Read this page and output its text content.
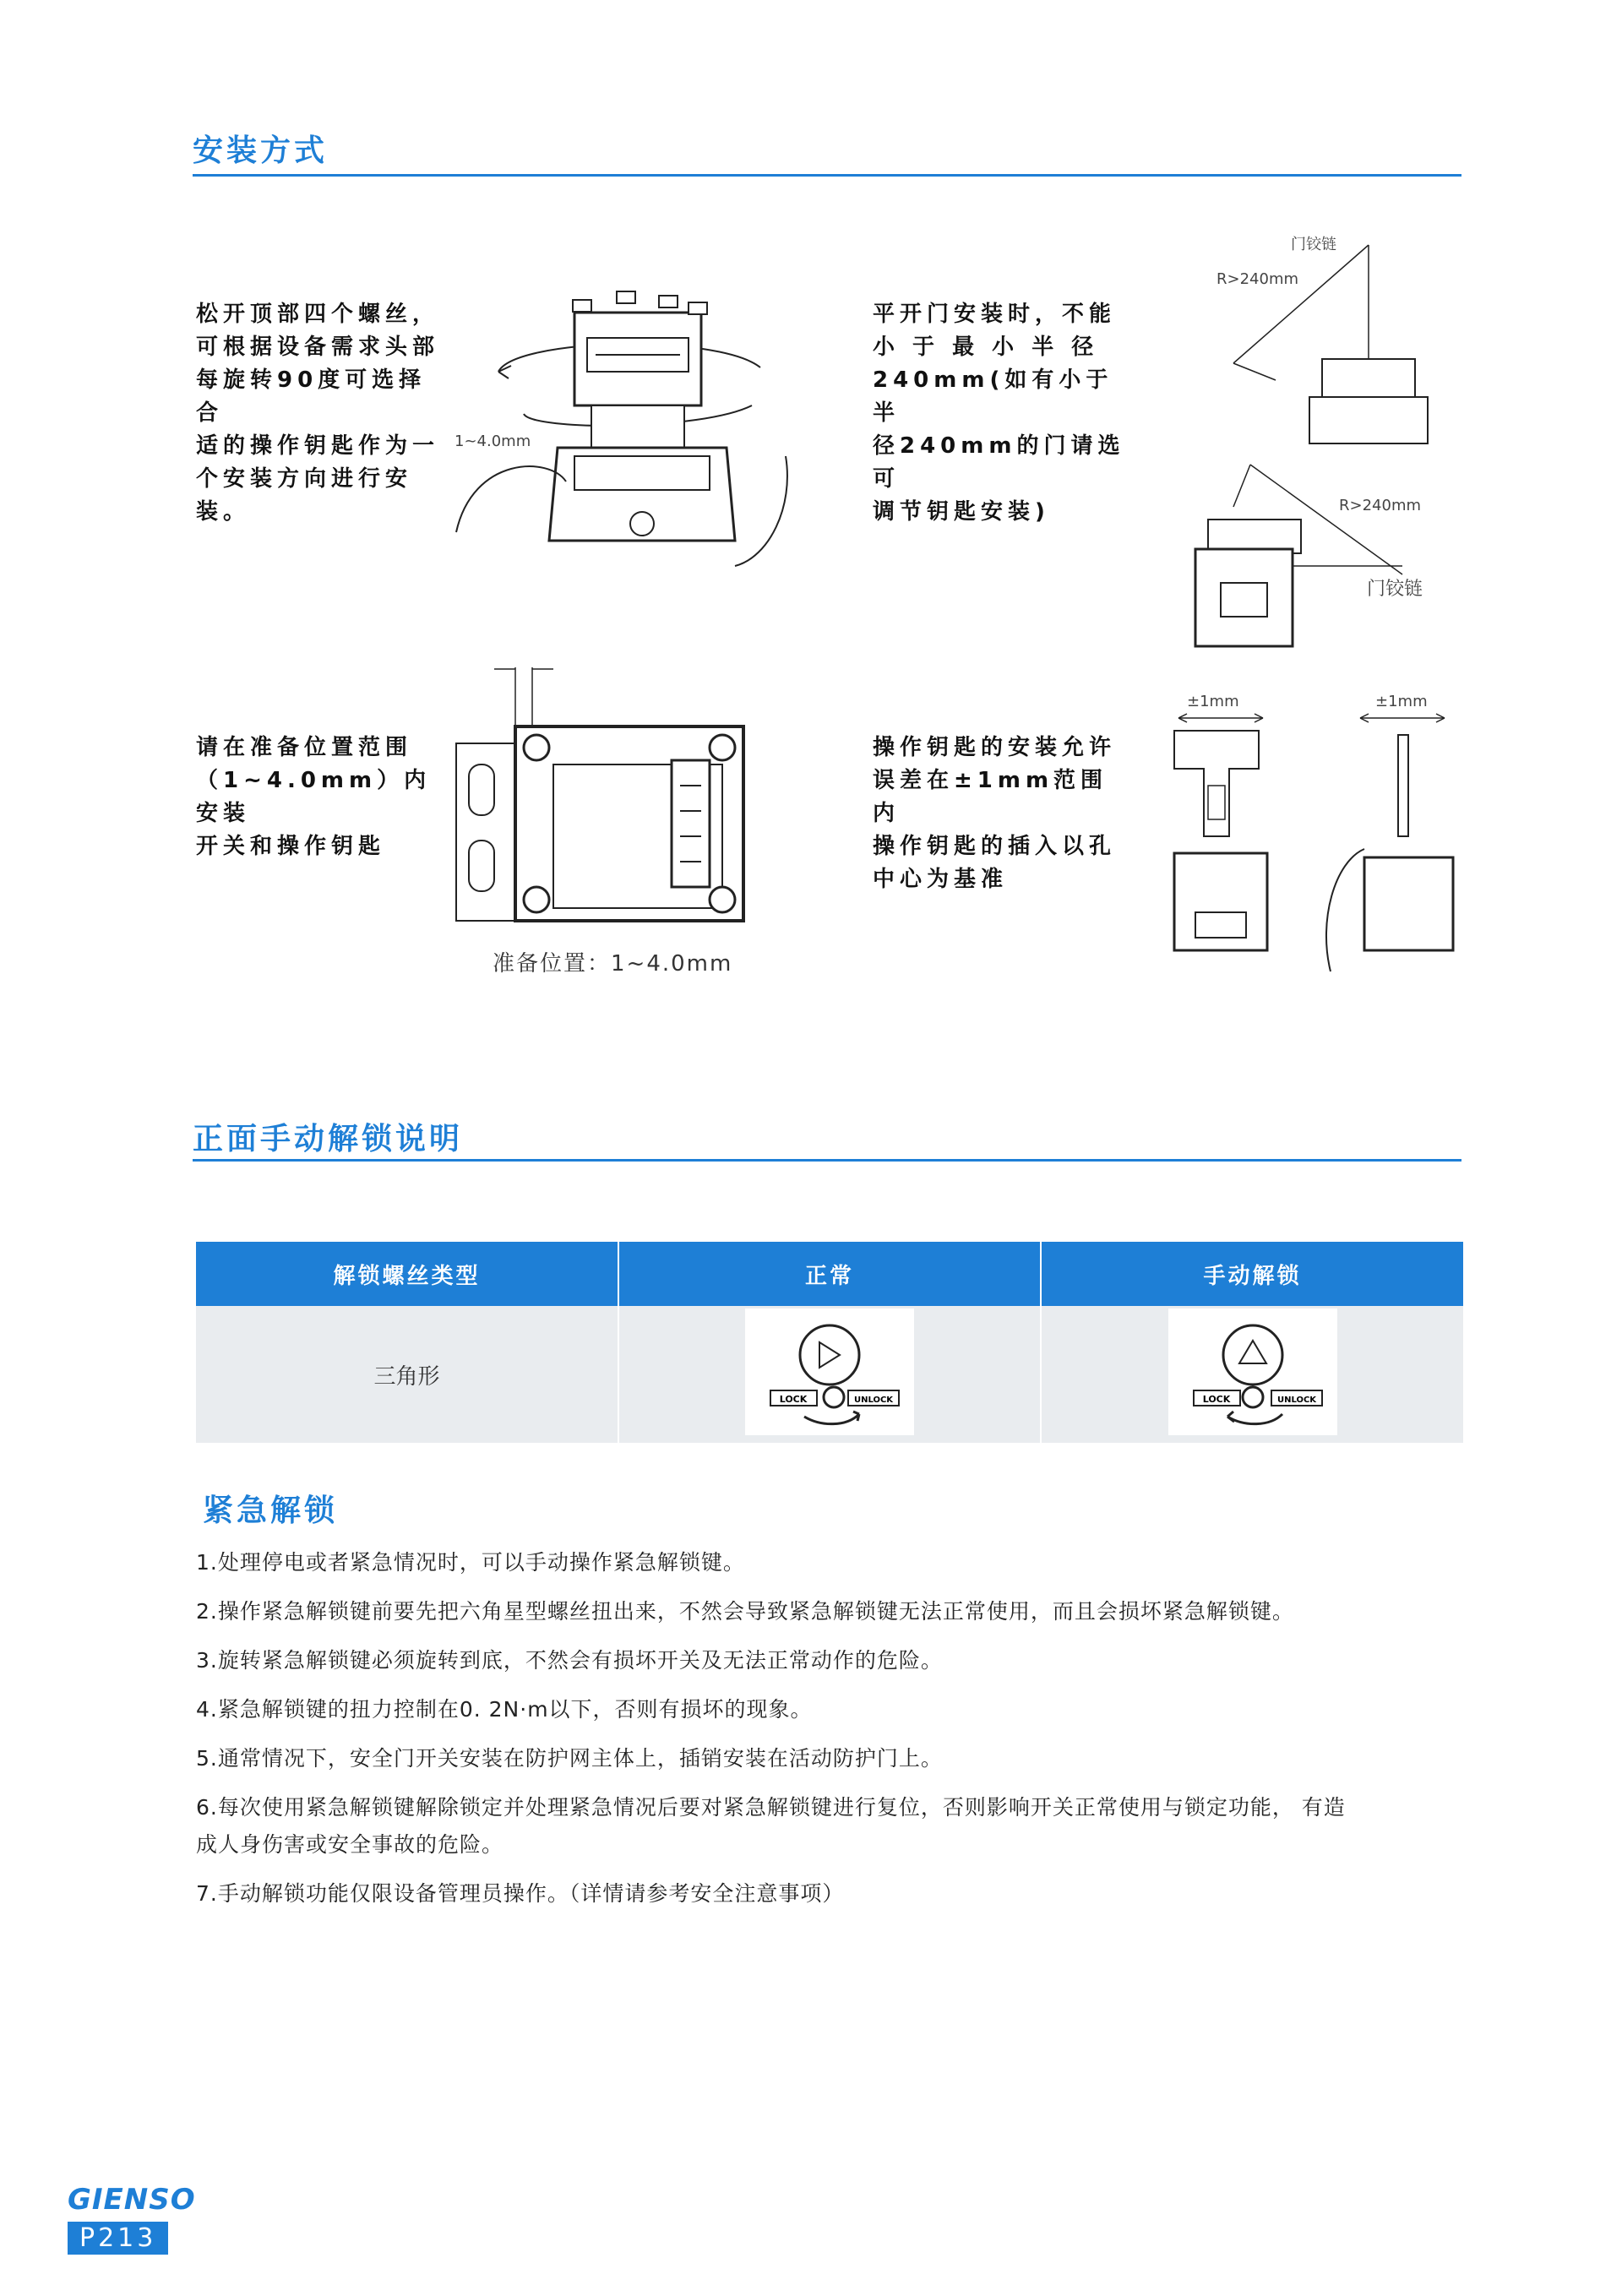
安装方式
松开顶部四个螺丝，
可根据设备需求头部
每旋转90度可选择合
适的操作钥匙作为一
个安装方向进行安
装。
1~4.0mm
平开门安装时，不能
小 于 最 小 半 径
240mm(如有小于半
径240mm的门请选可
调节钥匙安装)
门铰链
R>240mm
R>240mm
门铰链
请在准备位置范围
（1~4.0mm）内安装
开关和操作钥匙
准备位置：1~4.0mm
操作钥匙的安装允许
误差在±1mm范围内
操作钥匙的插入以孔
中心为基准
±1mm	±1mm
正面手动解锁说明
解锁螺丝类型	正常	手动解锁
三角形	LOCK UNLOCK	LOCK UNLOCK
紧急解锁

1.处理停电或者紧急情况时，可以手动操作紧急解锁键。

2.操作紧急解锁键前要先把六角星型螺丝扭出来，不然会导致紧急解锁键无法正常使用，而且会损坏紧急解锁键。

3.旋转紧急解锁键必须旋转到底，不然会有损坏开关及无法正常动作的危险。

4.紧急解锁键的扭力控制在0. 2N·m以下，否则有损坏的现象。

5.通常情况下，安全门开关安装在防护网主体上，插销安装在活动防护门上。

6.每次使用紧急解锁键解除锁定并处理紧急情况后要对紧急解锁键进行复位，否则影响开关正常使用与锁定功能， 有造

成人身伤害或安全事故的危险。

7.手动解锁功能仅限设备管理员操作。（详情请参考安全注意事项）

GIENSO
P213
